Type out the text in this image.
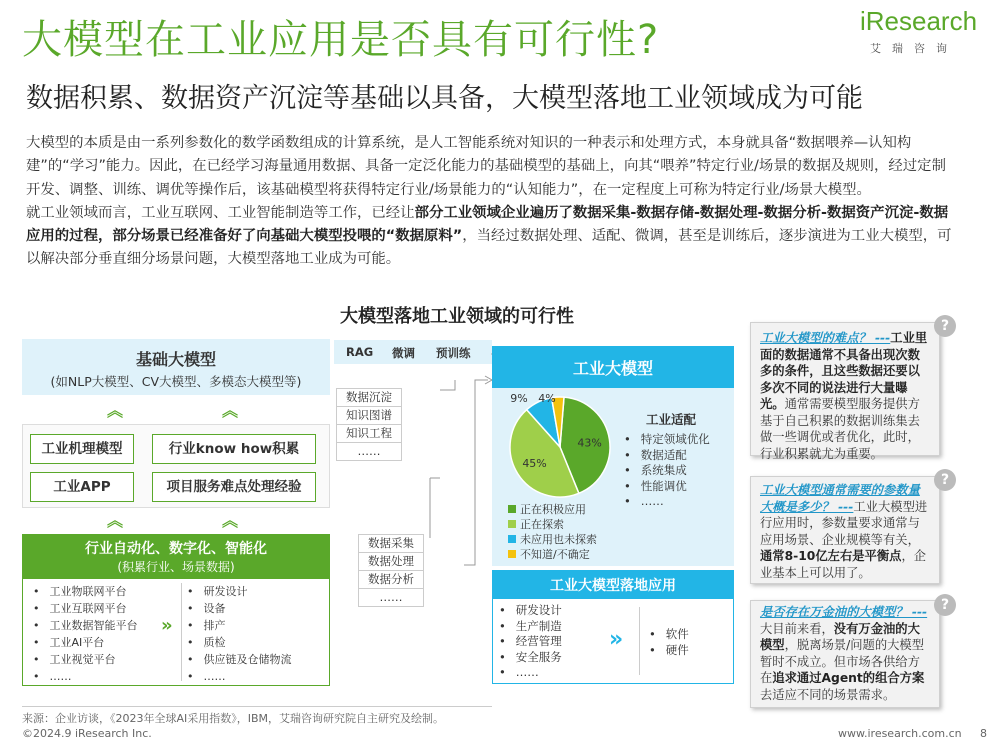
大模型在工业应用是否具有可行性?
数据积累、数据资产沉淀等基础以具备，大模型落地工业领域成为可能
iResearch
艾瑞咨询

大模型的本质是由一系列参数化的数学函数组成的计算系统，是人工智能系统对知识的一种表示和处理方式，本身就具备“数据喂养—认知构建”的“学习”能力。因此，在已经学习海量通用数据、具备一定泛化能力的基础模型的基础上，向其“喂养”特定行业/场景的数据及规则，经过定制开发、调整、训练、调优等操作后，该基础模型将获得特定行业/场景能力的“认知能力”，在一定程度上可称为特定行业/场景大模型。

就工业领域而言，工业互联网、工业智能制造等工作，已经让部分工业领域企业遍历了数据采集-数据存储-数据处理-数据分析-数据资产沉淀-数据应用的过程，部分场景已经准备好了向基础大模型投喂的“数据原料”，当经过数据处理、适配、微调，甚至是训练后，逐步演进为工业大模型，可以解决部分垂直细分场景问题，大模型落地工业成为可能。

大模型落地工业领域的可行性
基础大模型
(如NLP大模型、CV大模型、多模态大模型等)
︽	︽
工业机理模型	行业know how积累
工业APP	项目服务难点处理经验
︽	︽
行业自动化、数字化、智能化
(积累行业、场景数据)
• 工业物联网平台
• 工业互联网平台
• 工业数据智能平台
• 工业AI平台
• 工业视觉平台
• ……
»
• 研发设计
• 设备
• 排产
• 质检
• 供应链及仓储物流
• ……
RAG 微调 预训练
数据沉淀
知识图谱
知识工程
……
数据采集
数据处理
数据分析
……
工业大模型
43%
45%
9% 4%
正在积极应用
正在探索
未应用也未探索
不知道/不确定
工业适配
• 特定领域优化
• 数据适配
• 系统集成
• 性能调优
• ……
工业大模型落地应用
• 研发设计
• 生产制造
• 经营管理
• 安全服务
• ……
»
•	软件
• 硬件
?
工业大模型的难点？ ---工业里面的数据通常不具备出现次数多的条件，且这些数据还要以多次不同的说法进行大量曝光。通常需要模型服务提供方基于自己积累的数据训练集去做一些调优或者优化，此时，行业积累就尤为重要。
?
工业大模型通常需要的参数量大概是多少？ ---工业大模型进行应用时，参数量要求通常与应用场景、企业规模等有关，通常8-10亿左右是平衡点，企业基本上可以用了。
?
是否存在万金油的大模型？ ---大目前来看，没有万金油的大模型，脱离场景/问题的大模型暂时不成立。但市场各供给方在追求通过Agent的组合方案去适应不同的场景需求。
来源：企业访谈，《2023年全球AI采用指数》，IBM，艾瑞咨询研究院自主研究及绘制。
©2024.9 iResearch Inc.	www.iresearch.com.cn 8
